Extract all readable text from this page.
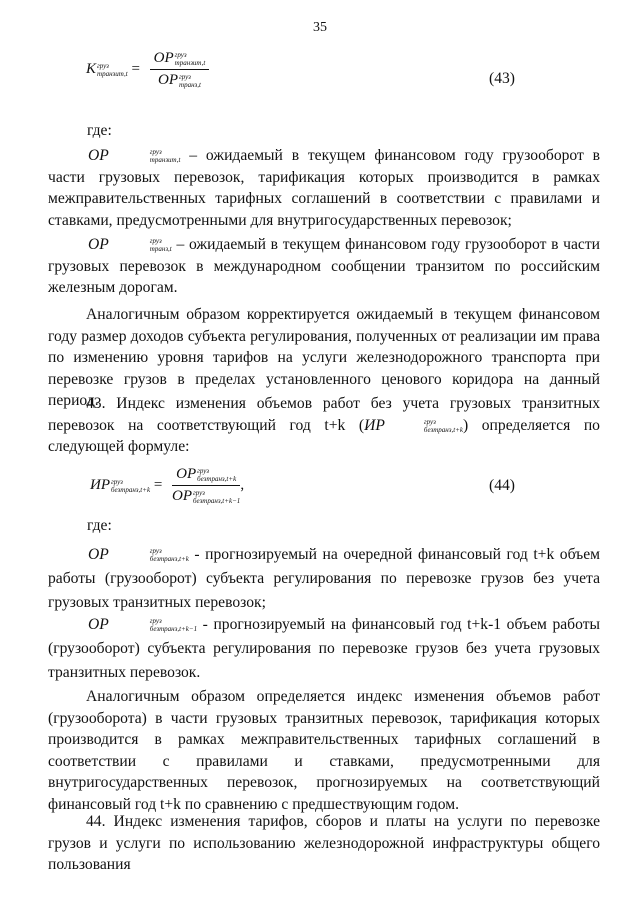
35
K груз
транзит,t = OP груз
транзит,t
OP груз
транз,t	(43)
где:
OP	груз
транзит,t – ожидаемый в текущем финансовом году грузооборот в части грузовых перевозок, тарификация которых производится в рамках межправительственных тарифных соглашений в соответствии с правилами и ставками, предусмотренными для внутригосударственных перевозок;
OP	груз
транз,t – ожидаемый в текущем финансовом году грузооборот в части грузовых перевозок в международном сообщении транзитом по российским железным дорогам.
Аналогичным образом корректируется ожидаемый в текущем финансовом году размер доходов субъекта регулирования, полученных от реализации им права по изменению уровня тарифов на услуги железнодорожного транспорта при перевозке грузов в пределах установленного ценового коридора на данный период.
43. Индекс изменения объемов работ без учета грузовых транзитных перевозок на соответствующий год t+k (ИР	груз
безтранз,t+k ) определяется по следующей формуле:
ИР груз
безтранз,t+k = OP груз
безтранз,t+k
OP груз
безтранз,t+k−1 ,	(44)
где:
OP	груз
безтранз,t+k - прогнозируемый на очередной финансовый год t+k объем работы (грузооборот) субъекта регулирования по перевозке грузов без учета грузовых транзитных перевозок;
OP	груз
безтранз,t+k−1 - прогнозируемый на финансовый год t+k-1 объем работы (грузооборот) субъекта регулирования по перевозке грузов без учета грузовых транзитных перевозок.
Аналогичным образом определяется индекс изменения объемов работ (грузооборота) в части грузовых транзитных перевозок, тарификация которых производится в рамках межправительственных тарифных соглашений в соответствии с правилами и ставками, предусмотренными для внутригосударственных перевозок, прогнозируемых на соответствующий финансовый год t+k по сравнению с предшествующим годом.
44. Индекс изменения тарифов, сборов и платы на услуги по перевозке грузов и услуги по использованию железнодорожной инфраструктуры общего пользования
